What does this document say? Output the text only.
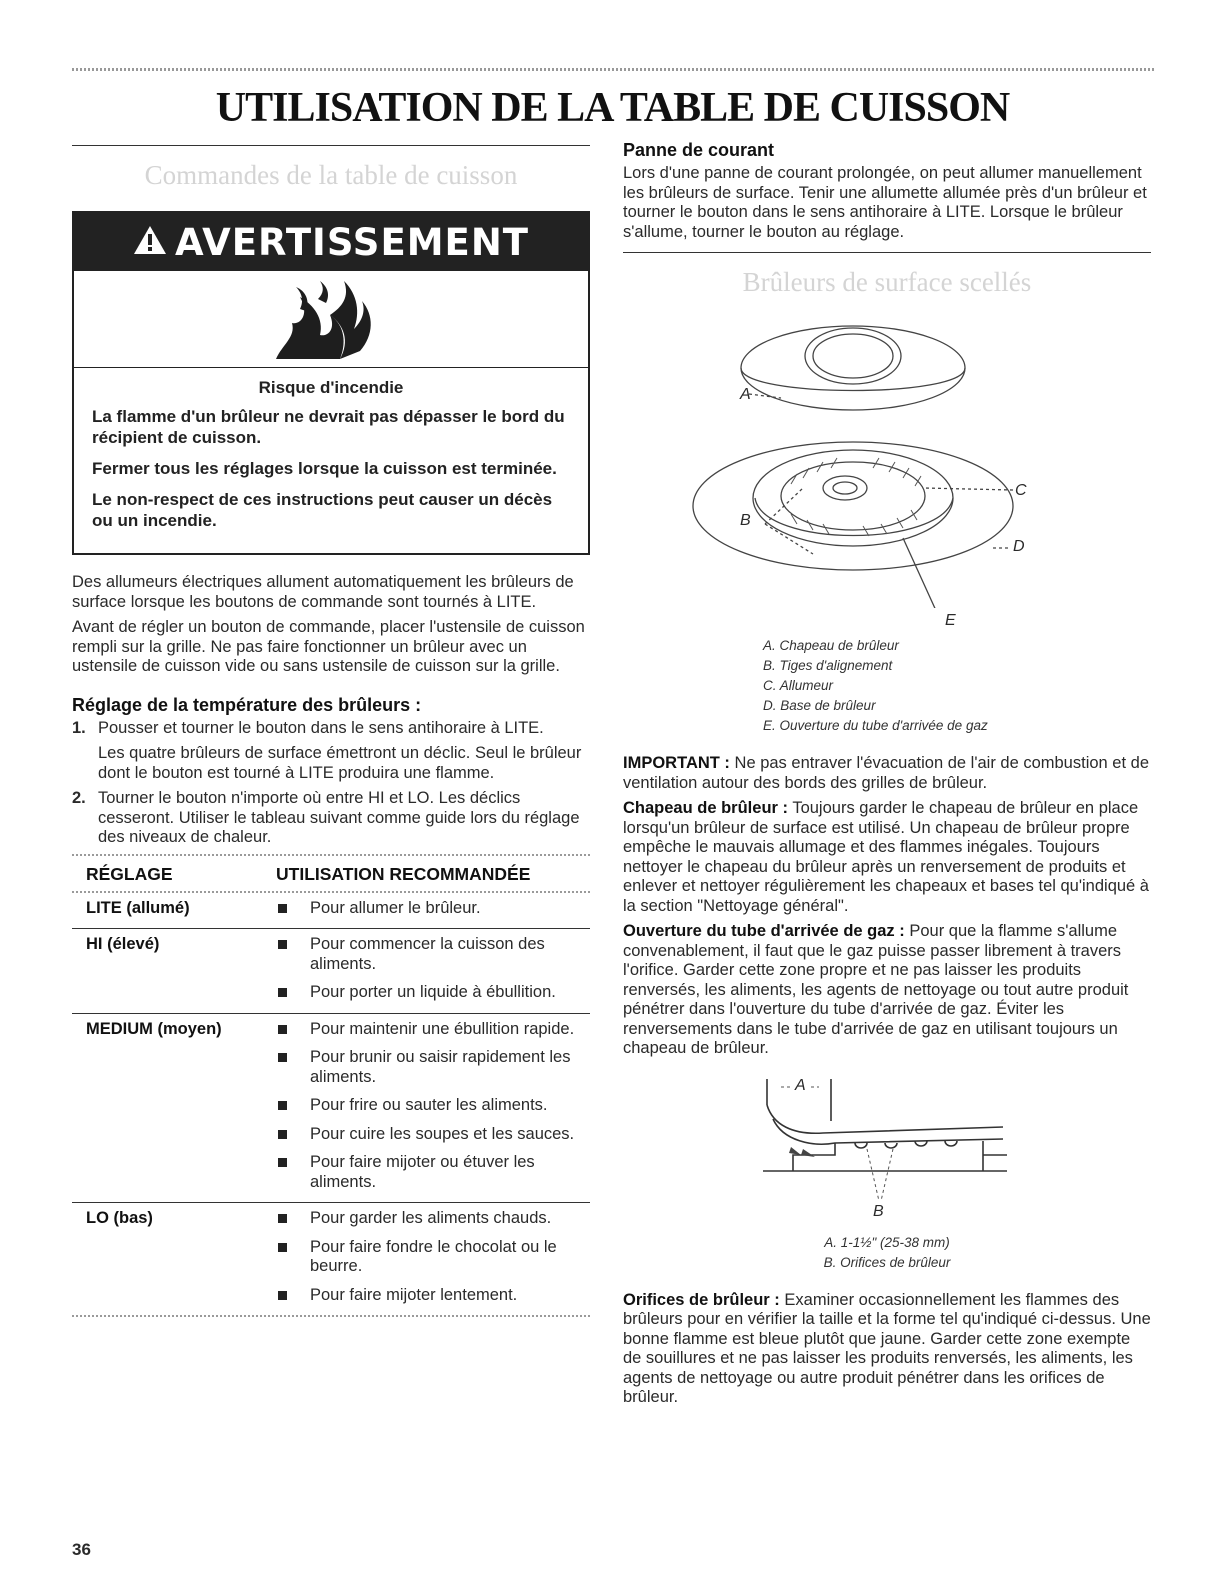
UTILISATION DE LA TABLE DE CUISSON
Commandes de la table de cuisson
AVERTISSEMENT
Risque d'incendie

La flamme d'un brûleur ne devrait pas dépasser le bord du récipient de cuisson.

Fermer tous les réglages lorsque la cuisson est terminée.

Le non-respect de ces instructions peut causer un décès ou un incendie.

Des allumeurs électriques allument automatiquement les brûleurs de surface lorsque les boutons de commande sont tournés à LITE.

Avant de régler un bouton de commande, placer l'ustensile de cuisson rempli sur la grille. Ne pas faire fonctionner un brûleur avec un ustensile de cuisson vide ou sans ustensile de cuisson sur la grille.

Réglage de la température des brûleurs :
1. Pousser et tourner le bouton dans le sens antihoraire à LITE.

Les quatre brûleurs de surface émettront un déclic. Seul le brûleur dont le bouton est tourné à LITE produira une flamme.

2. Tourner le bouton n'importe où entre HI et LO. Les déclics cesseront. Utiliser le tableau suivant comme guide lors du réglage des niveaux de chaleur.
RÉGLAGE	UTILISATION RECOMMANDÉE
LITE (allumé)	Pour allumer le brûleur.
HI (élevé)	Pour commencer la cuisson des aliments.
Pour porter un liquide à ébullition.
MEDIUM (moyen)	Pour maintenir une ébullition rapide.
Pour brunir ou saisir rapidement les aliments.
Pour frire ou sauter les aliments.
Pour cuire les soupes et les sauces.
Pour faire mijoter ou étuver les aliments.
LO (bas)	Pour garder les aliments chauds.
Pour faire fondre le chocolat ou le beurre.
Pour faire mijoter lentement.
Panne de courant

Lors d'une panne de courant prolongée, on peut allumer manuellement les brûleurs de surface. Tenir une allumette allumée près d'un brûleur et tourner le bouton dans le sens antihoraire à LITE. Lorsque le brûleur s'allume, tourner le bouton au réglage.

Brûleurs de surface scellés
A
B
C
D
E
A. Chapeau de brûleur
B. Tiges d'alignement
C. Allumeur
D. Base de brûleur
E. Ouverture du tube d'arrivée de gaz

IMPORTANT : Ne pas entraver l'évacuation de l'air de combustion et de ventilation autour des bords des grilles de brûleur.

Chapeau de brûleur : Toujours garder le chapeau de brûleur en place lorsqu'un brûleur de surface est utilisé. Un chapeau de brûleur propre empêche le mauvais allumage et des flammes inégales. Toujours nettoyer le chapeau du brûleur après un renversement de produits et enlever et nettoyer régulièrement les chapeaux et bases tel qu'indiqué à la section "Nettoyage général".

Ouverture du tube d'arrivée de gaz : Pour que la flamme s'allume convenablement, il faut que le gaz puisse passer librement à travers l'orifice. Garder cette zone propre et ne pas laisser les produits renversés, les aliments, les agents de nettoyage ou tout autre produit pénétrer dans l'ouverture du tube d'arrivée de gaz. Éviter les renversements dans le tube d'arrivée de gaz en utilisant toujours un chapeau de brûleur.

A
B
A. 1-1½" (25-38 mm)
B. Orifices de brûleur

Orifices de brûleur : Examiner occasionnellement les flammes des brûleurs pour en vérifier la taille et la forme tel qu'indiqué ci-dessus. Une bonne flamme est bleue plutôt que jaune. Garder cette zone exempte de souillures et ne pas laisser les produits renversés, les aliments, les agents de nettoyage ou autre produit pénétrer dans les orifices de brûleur.

36
